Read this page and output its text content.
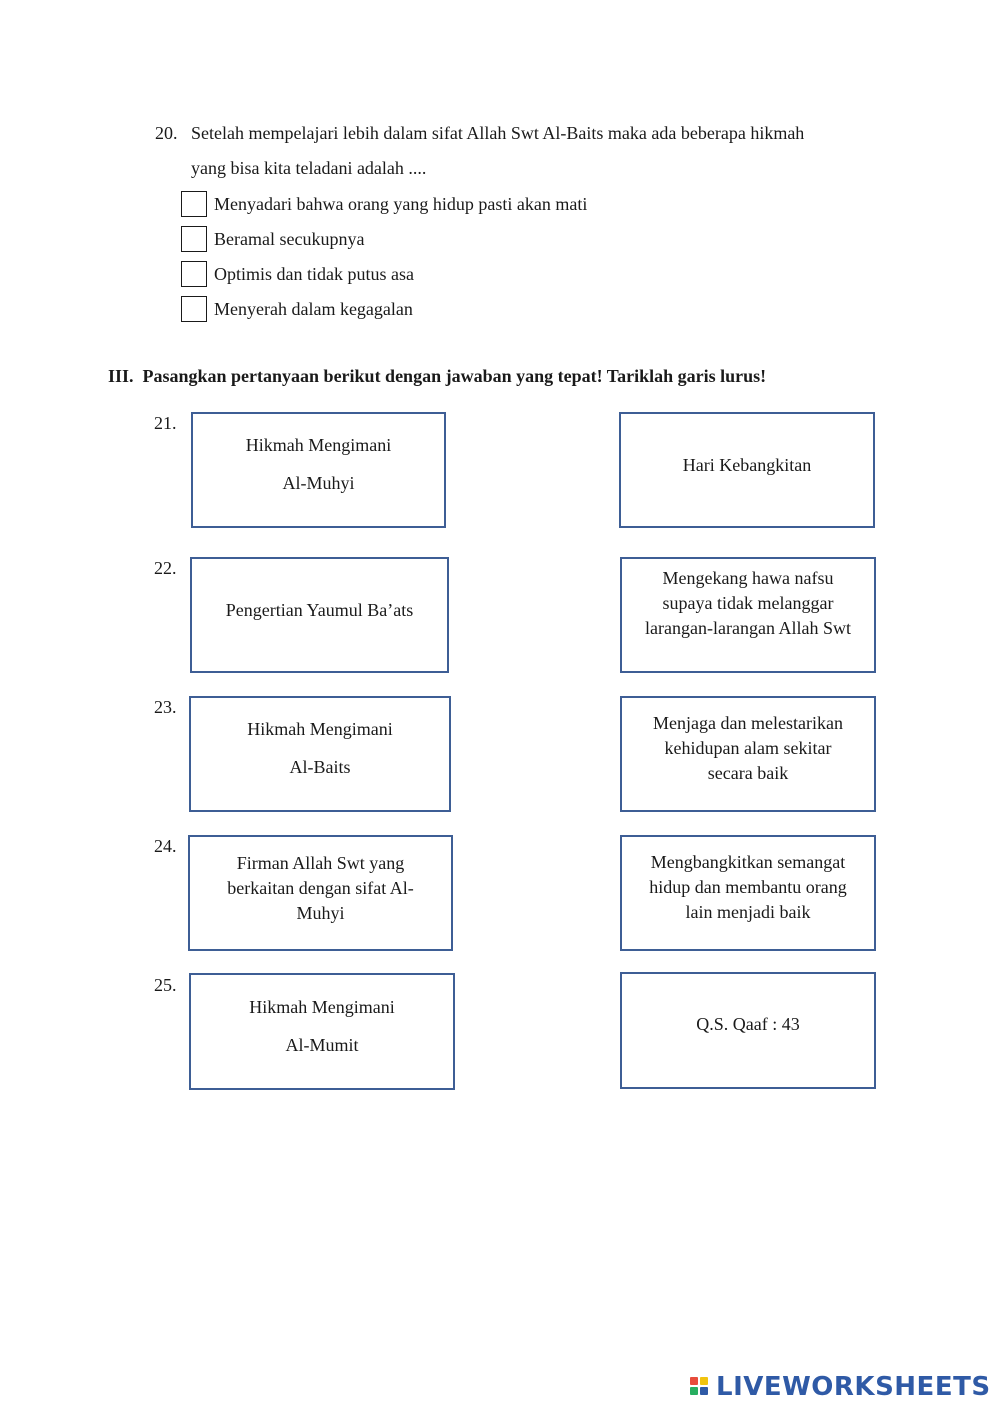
20. Setelah mempelajari lebih dalam sifat Allah Swt Al-Baits maka ada beberapa hikmah
yang bisa kita teladani adalah ....
Menyadari bahwa orang yang hidup pasti akan mati
Beramal secukupnya
Optimis dan tidak putus asa
Menyerah dalam kegagalan
III.  Pasangkan pertanyaan berikut dengan jawaban yang tepat! Tariklah garis lurus!
21.
22.
23.
24.
25.
Hikmah Mengimani
Al-Muhyi
Pengertian Yaumul Ba’ats
Hikmah Mengimani
Al-Baits
Firman Allah Swt yang berkaitan dengan sifat Al-Muhyi
Hikmah Mengimani
Al-Mumit
Hari Kebangkitan
Mengekang hawa nafsu supaya tidak melanggar larangan-larangan Allah Swt
Menjaga dan melestarikan kehidupan alam sekitar secara baik
Mengbangkitkan semangat hidup dan membantu orang lain menjadi baik
Q.S. Qaaf : 43
LIVEWORKSHEETS
